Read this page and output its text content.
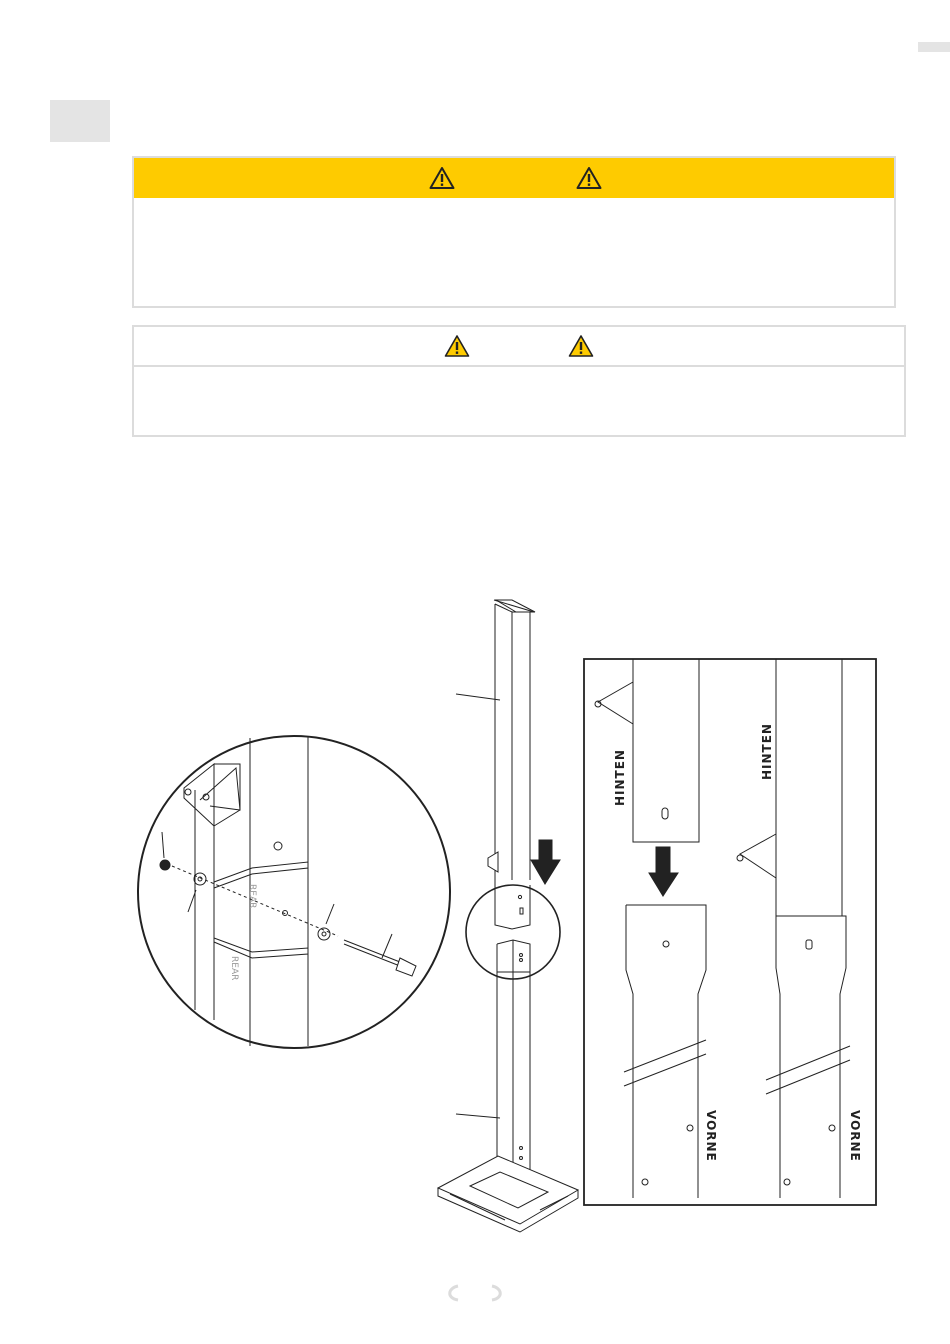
REAR
REAR
HINTEN	HINTEN
VORNE	VORNE
